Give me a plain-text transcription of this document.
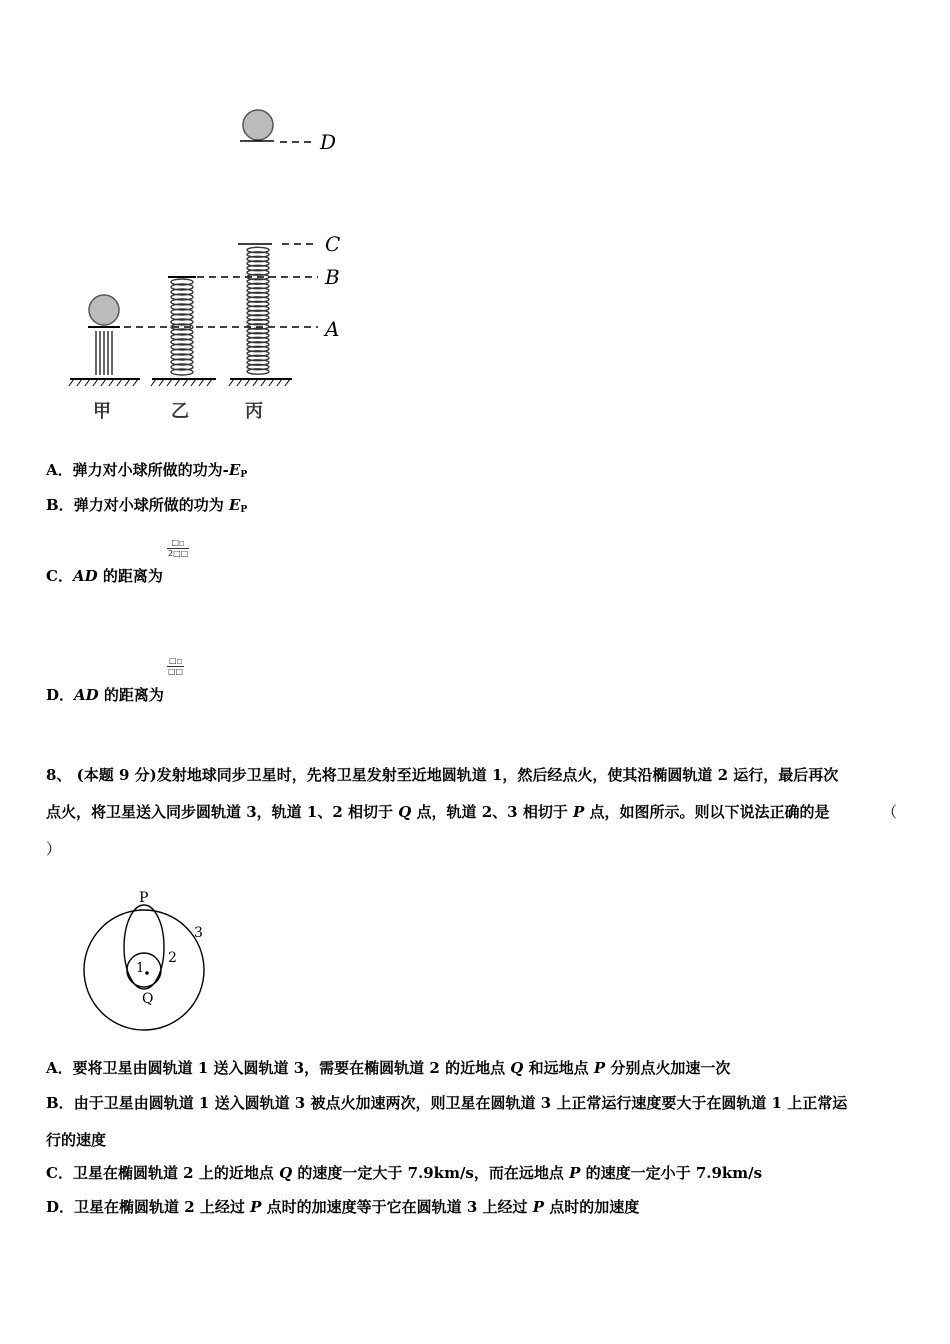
D
C
B
A
甲	乙	丙
A．弹力对小球所做的功为$-E_P$
B．弹力对小球所做的功为 $E_P$
□□
2□□
C．AD 的距离为
□□
□□
D．AD 的距离为
8、 (本题 9 分)发射地球同步卫星时，先将卫星发射至近地圆轨道 1，然后经点火，使其沿椭圆轨道 2 运行，最后再次
点火，将卫星送入同步圆轨道 3，轨道 1、2 相切于 Q 点，轨道 2、3 相切于 P 点，如图所示。则以下说法正确的是	（
）
P
Q
1
2
3
A．要将卫星由圆轨道 1 送入圆轨道 3，需要在椭圆轨道 2 的近地点 Q 和远地点 P 分别点火加速一次
B．由于卫星由圆轨道 1 送入圆轨道 3 被点火加速两次，则卫星在圆轨道 3 上正常运行速度要大于在圆轨道 1 上正常运
行的速度
C．卫星在椭圆轨道 2 上的近地点 Q 的速度一定大于 7.9km/s，而在远地点 P 的速度一定小于 7.9km/s
D．卫星在椭圆轨道 2 上经过 P 点时的加速度等于它在圆轨道 3 上经过 P 点时的加速度
